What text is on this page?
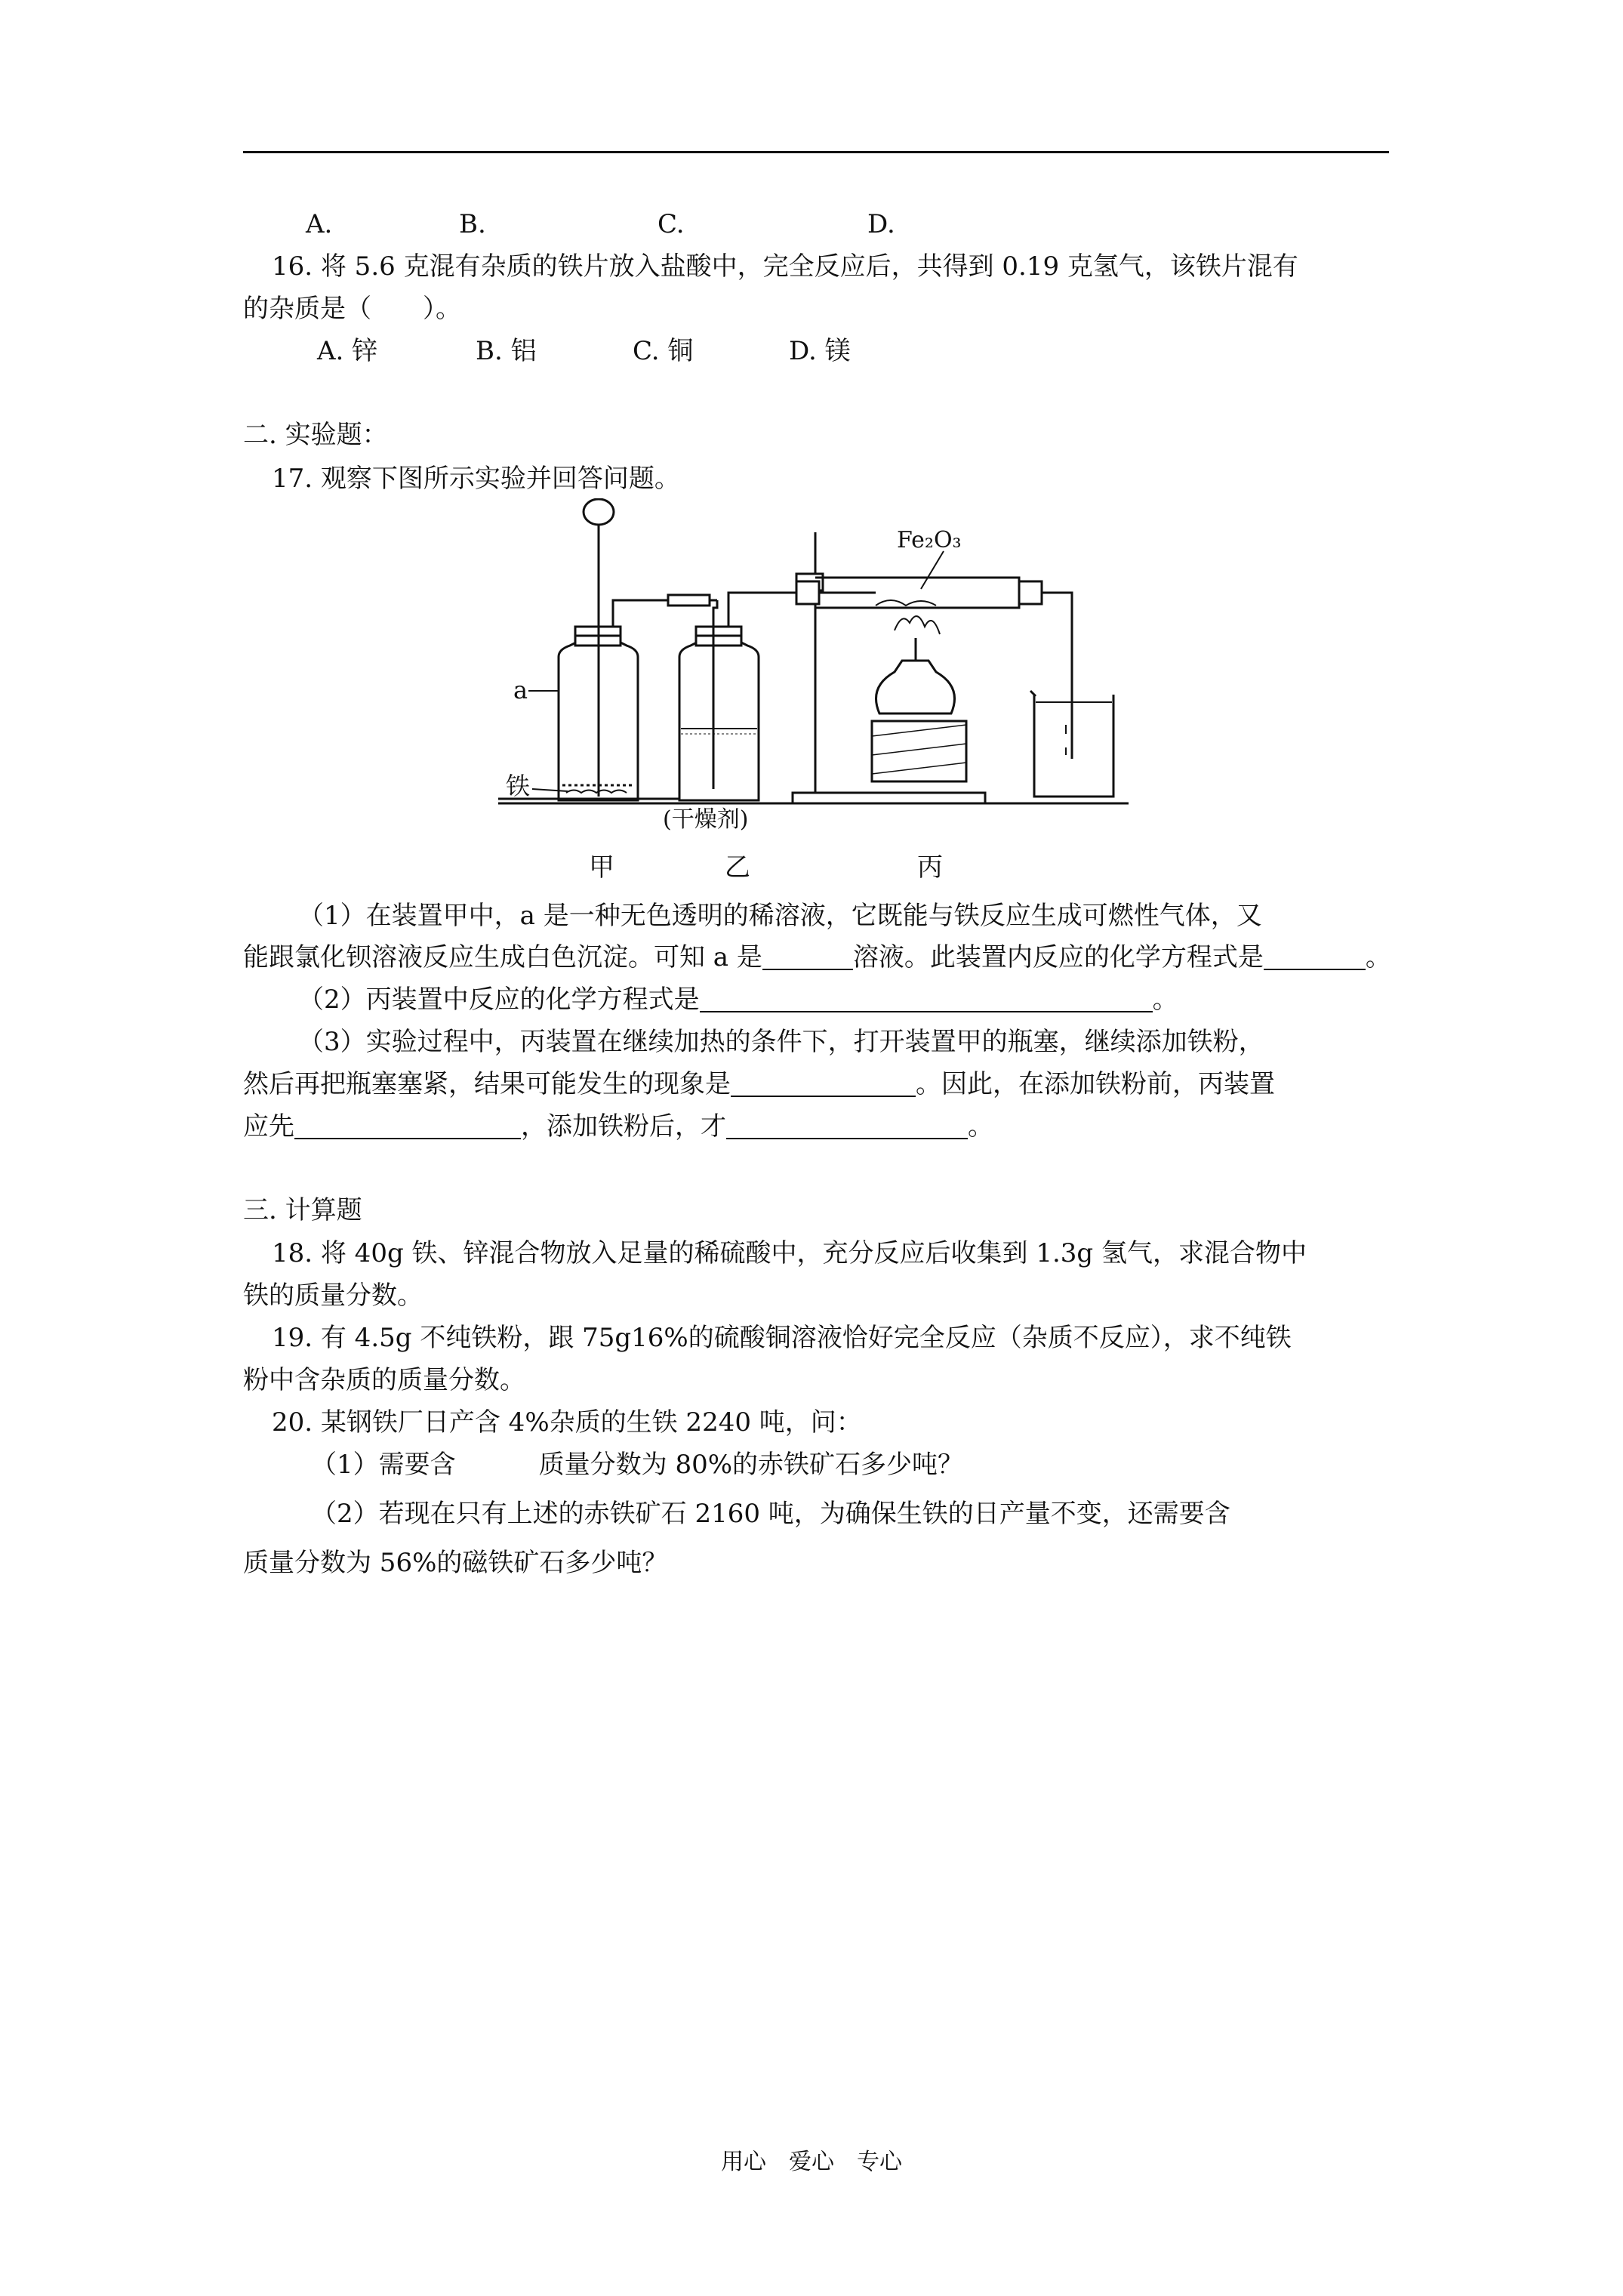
A.	B.	C.	D.
16. 将 5.6 克混有杂质的铁片放入盐酸中，完全反应后，共得到 0.19 克氢气，该铁片混有
的杂质是（　　）。
A. 锌	B. 铝	C. 铜	D. 镁
二. 实验题：
17. 观察下图所示实验并回答问题。
a
铁
(干燥剂)
Fe₂O₃
甲	乙	丙
（1）在装置甲中，a 是一种无色透明的稀溶液，它既能与铁反应生成可燃性气体，又
能跟氯化钡溶液反应生成白色沉淀。可知 a 是	溶液。此装置内反应的化学方程式是	。
（2）丙装置中反应的化学方程式是	。
（3）实验过程中，丙装置在继续加热的条件下，打开装置甲的瓶塞，继续添加铁粉，
然后再把瓶塞塞紧，结果可能发生的现象是	。因此，在添加铁粉前，丙装置
应先	，添加铁粉后，才	。
三. 计算题
18. 将 40g 铁、锌混合物放入足量的稀硫酸中，充分反应后收集到 1.3g 氢气，求混合物中
铁的质量分数。
19. 有 4.5g 不纯铁粉，跟 75g16%的硫酸铜溶液恰好完全反应（杂质不反应），求不纯铁
粉中含杂质的质量分数。
20. 某钢铁厂日产含 4%杂质的生铁 2240 吨，问：
（1）需要含	质量分数为 80%的赤铁矿石多少吨？
（2）若现在只有上述的赤铁矿石 2160 吨，为确保生铁的日产量不变，还需要含
质量分数为 56%的磁铁矿石多少吨？
用心　爱心　专心
